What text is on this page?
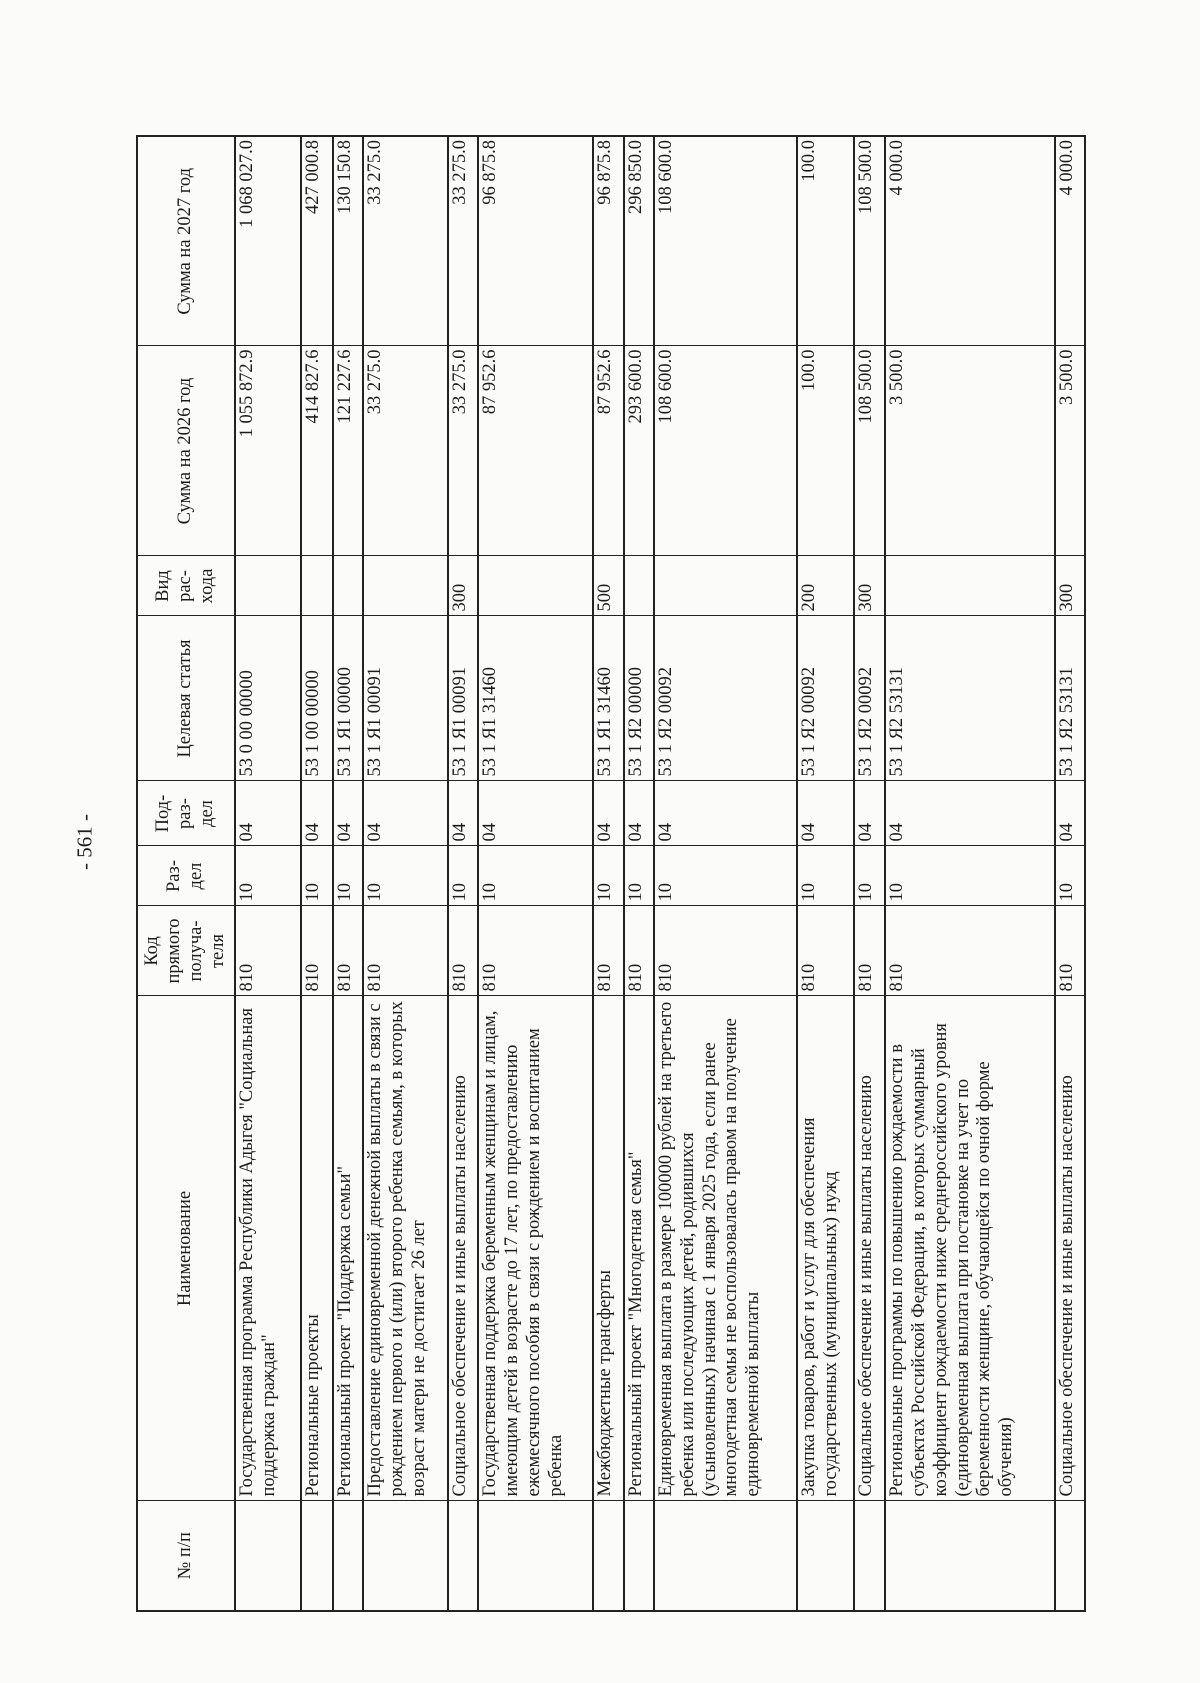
- 561 -
№ п/п	Наименование	Код прямого получа-теля	Раз-дел	Под-раз-дел	Целевая статья	Вид рас-хода	Сумма на 2026 год	Сумма на 2027 год
	Государственная программа Республики Адыгея "Социальная поддержка граждан"	810	10	04	53 0 00 00000		1 055 872.9	1 068 027.0
	Региональные проекты	810	10	04	53 1 00 00000		414 827.6	427 000.8
	Региональный проект "Поддержка семьи"	810	10	04	53 1 Я1 00000		121 227.6	130 150.8
	Предоставление единовременной денежной выплаты в связи с рождением первого и (или) второго ребенка семьям, в которых возраст матери не достигает 26 лет	810	10	04	53 1 Я1 00091		33 275.0	33 275.0
	Социальное обеспечение и иные выплаты населению	810	10	04	53 1 Я1 00091	300	33 275.0	33 275.0
	Государственная поддержка беременным женщинам и лицам, имеющим детей в возрасте до 17 лет, по предоставлению ежемесячного пособия в связи с рождением и воспитанием ребенка	810	10	04	53 1 Я1 31460		87 952.6	96 875.8
	Межбюджетные трансферты	810	10	04	53 1 Я1 31460	500	87 952.6	96 875.8
	Региональный проект "Многодетная семья"	810	10	04	53 1 Я2 00000		293 600.0	296 850.0
	Единовременная выплата в размере 100000 рублей на третьего ребенка или последующих детей, родившихся (усыновленных) начиная с 1 января 2025 года, если ранее многодетная семья не воспользовалась правом на получение единовременной выплаты	810	10	04	53 1 Я2 00092		108 600.0	108 600.0
	Закупка товаров, работ и услуг для обеспечения государственных (муниципальных) нужд	810	10	04	53 1 Я2 00092	200	100.0	100.0
	Социальное обеспечение и иные выплаты населению	810	10	04	53 1 Я2 00092	300	108 500.0	108 500.0
	Региональные программы по повышению рождаемости в субъектах Российской Федерации, в которых суммарный коэффициент рождаемости ниже среднероссийского уровня (единовременная выплата при постановке на учет по беременности женщине, обучающейся по очной форме обучения)	810	10	04	53 1 Я2 53131		3 500.0	4 000.0
	Социальное обеспечение и иные выплаты населению	810	10	04	53 1 Я2 53131	300	3 500.0	4 000.0
